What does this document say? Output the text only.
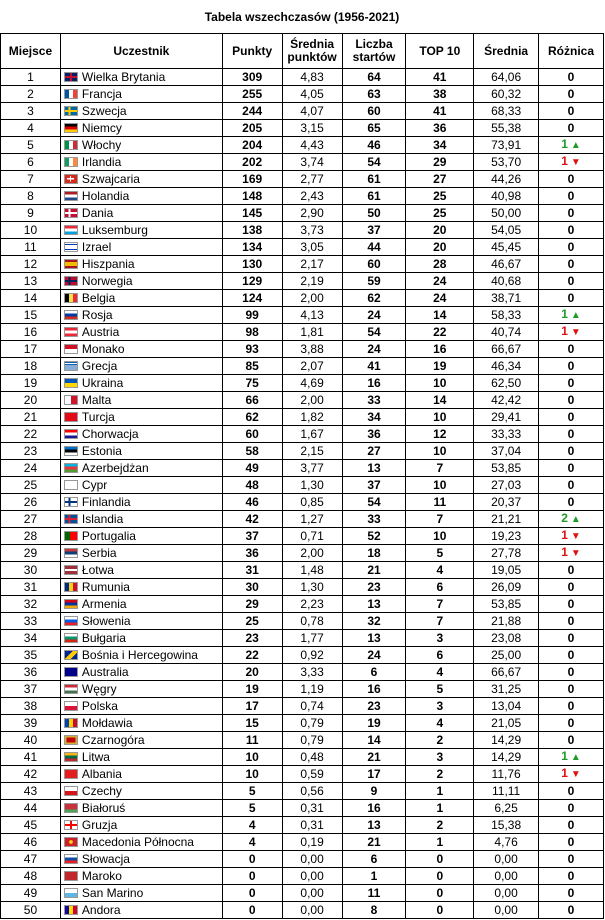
Tabela wszechczasów (1956-2021)							
Miejsce	Uczestnik	Punkty	Średnia punktów	Liczba startów	TOP 10	Średnia	Różnica
1	Wielka Brytania	309	4,83	64	41	64,06	0
2	Francja	255	4,05	63	38	60,32	0
3	Szwecja	244	4,07	60	41	68,33	0
4	Niemcy	205	3,15	65	36	55,38	0
5	Włochy	204	4,43	46	34	73,91	1 ▲
6	Irlandia	202	3,74	54	29	53,70	1 ▼
7	Szwajcaria	169	2,77	61	27	44,26	0
8	Holandia	148	2,43	61	25	40,98	0
9	Dania	145	2,90	50	25	50,00	0
10	Luksemburg	138	3,73	37	20	54,05	0
11	Izrael	134	3,05	44	20	45,45	0
12	Hiszpania	130	2,17	60	28	46,67	0
13	Norwegia	129	2,19	59	24	40,68	0
14	Belgia	124	2,00	62	24	38,71	0
15	Rosja	99	4,13	24	14	58,33	1 ▲
16	Austria	98	1,81	54	22	40,74	1 ▼
17	Monako	93	3,88	24	16	66,67	0
18	Grecja	85	2,07	41	19	46,34	0
19	Ukraina	75	4,69	16	10	62,50	0
20	Malta	66	2,00	33	14	42,42	0
21	Turcja	62	1,82	34	10	29,41	0
22	Chorwacja	60	1,67	36	12	33,33	0
23	Estonia	58	2,15	27	10	37,04	0
24	Azerbejdżan	49	3,77	13	7	53,85	0
25	Cypr	48	1,30	37	10	27,03	0
26	Finlandia	46	0,85	54	11	20,37	0
27	Islandia	42	1,27	33	7	21,21	2 ▲
28	Portugalia	37	0,71	52	10	19,23	1 ▼
29	Serbia	36	2,00	18	5	27,78	1 ▼
30	Łotwa	31	1,48	21	4	19,05	0
31	Rumunia	30	1,30	23	6	26,09	0
32	Armenia	29	2,23	13	7	53,85	0
33	Słowenia	25	0,78	32	7	21,88	0
34	Bułgaria	23	1,77	13	3	23,08	0
35	Bośnia i Hercegowina	22	0,92	24	6	25,00	0
36	Australia	20	3,33	6	4	66,67	0
37	Węgry	19	1,19	16	5	31,25	0
38	Polska	17	0,74	23	3	13,04	0
39	Mołdawia	15	0,79	19	4	21,05	0
40	Czarnogóra	11	0,79	14	2	14,29	0
41	Litwa	10	0,48	21	3	14,29	1 ▲
42	Albania	10	0,59	17	2	11,76	1 ▼
43	Czechy	5	0,56	9	1	11,11	0
44	Białoruś	5	0,31	16	1	6,25	0
45	Gruzja	4	0,31	13	2	15,38	0
46	Macedonia Północna	4	0,19	21	1	4,76	0
47	Słowacja	0	0,00	6	0	0,00	0
48	Maroko	0	0,00	1	0	0,00	0
49	San Marino	0	0,00	11	0	0,00	0
50	Andora	0	0,00	8	0	0,00	0
